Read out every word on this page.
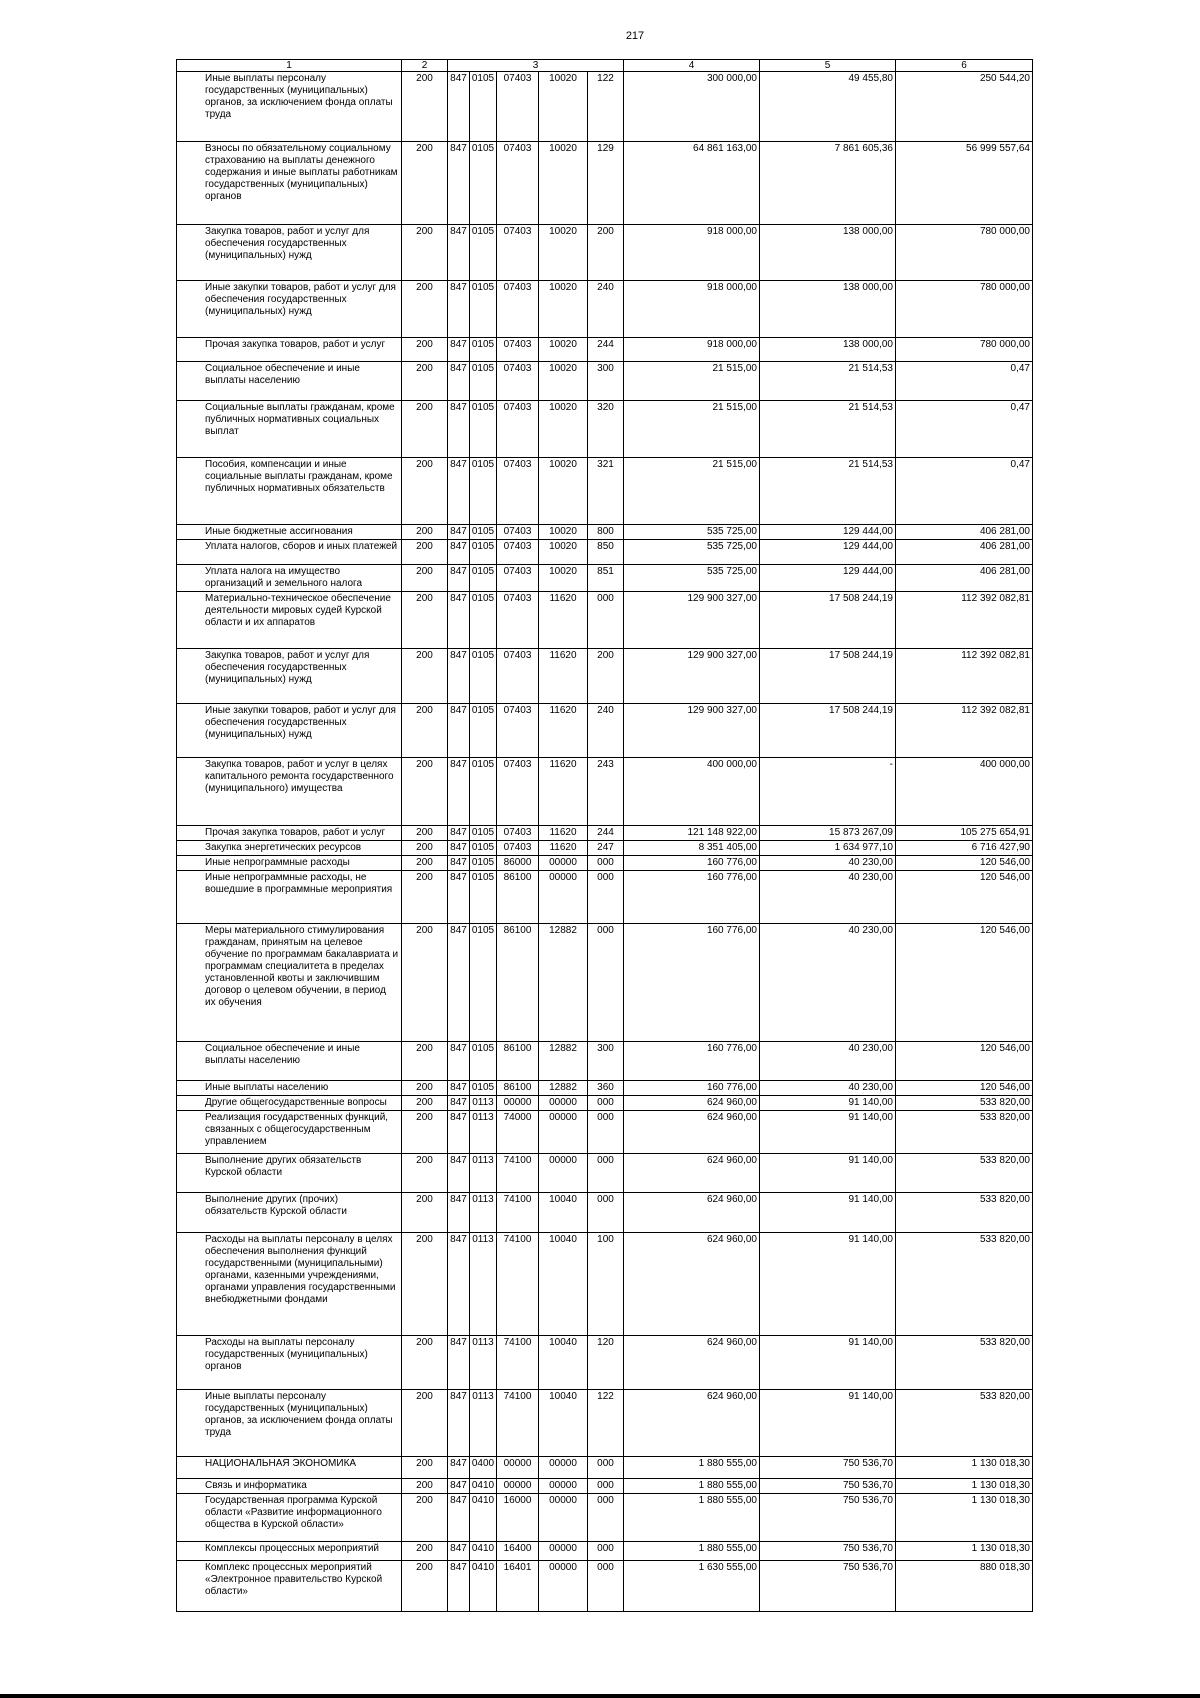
217
1	2	3					4	5	6
Иные выплаты персоналу государственных (муниципальных) органов, за исключением фонда оплаты труда	200	847	0105	07403	10020	122	300 000,00	49 455,80	250 544,20
Взносы по обязательному социальному страхованию на выплаты денежного содержания и иные выплаты работникам государственных (муниципальных) органов	200	847	0105	07403	10020	129	64 861 163,00	7 861 605,36	56 999 557,64
Закупка товаров, работ и услуг для обеспечения государственных (муниципальных) нужд	200	847	0105	07403	10020	200	918 000,00	138 000,00	780 000,00
Иные закупки товаров, работ и услуг для обеспечения государственных (муниципальных) нужд	200	847	0105	07403	10020	240	918 000,00	138 000,00	780 000,00
Прочая закупка товаров, работ и услуг	200	847	0105	07403	10020	244	918 000,00	138 000,00	780 000,00
Социальное обеспечение и иные выплаты населению	200	847	0105	07403	10020	300	21 515,00	21 514,53	0,47
Социальные выплаты гражданам, кроме публичных нормативных социальных выплат	200	847	0105	07403	10020	320	21 515,00	21 514,53	0,47
Пособия, компенсации и иные социальные выплаты гражданам, кроме публичных нормативных обязательств	200	847	0105	07403	10020	321	21 515,00	21 514,53	0,47
Иные бюджетные ассигнования	200	847	0105	07403	10020	800	535 725,00	129 444,00	406 281,00
Уплата налогов, сборов и иных платежей	200	847	0105	07403	10020	850	535 725,00	129 444,00	406 281,00
Уплата налога на имущество организаций и земельного налога	200	847	0105	07403	10020	851	535 725,00	129 444,00	406 281,00
Материально-техническое обеспечение деятельности мировых судей Курской области и их аппаратов	200	847	0105	07403	11620	000	129 900 327,00	17 508 244,19	112 392 082,81
Закупка товаров, работ и услуг для обеспечения государственных (муниципальных) нужд	200	847	0105	07403	11620	200	129 900 327,00	17 508 244,19	112 392 082,81
Иные закупки товаров, работ и услуг для обеспечения государственных (муниципальных) нужд	200	847	0105	07403	11620	240	129 900 327,00	17 508 244,19	112 392 082,81
Закупка товаров, работ и услуг в целях капитального ремонта государственного (муниципального) имущества	200	847	0105	07403	11620	243	400 000,00	-	400 000,00
Прочая закупка товаров, работ и услуг	200	847	0105	07403	11620	244	121 148 922,00	15 873 267,09	105 275 654,91
Закупка энергетических ресурсов	200	847	0105	07403	11620	247	8 351 405,00	1 634 977,10	6 716 427,90
Иные непрограммные расходы	200	847	0105	86000	00000	000	160 776,00	40 230,00	120 546,00
Иные непрограммные расходы, не вошедшие в программные мероприятия	200	847	0105	86100	00000	000	160 776,00	40 230,00	120 546,00
Меры материального стимулирования гражданам, принятым на целевое обучение по программам бакалавриата и программам специалитета в пределах установленной квоты и заключившим договор о целевом обучении, в период их обучения	200	847	0105	86100	12882	000	160 776,00	40 230,00	120 546,00
Социальное обеспечение и иные выплаты населению	200	847	0105	86100	12882	300	160 776,00	40 230,00	120 546,00
Иные выплаты населению	200	847	0105	86100	12882	360	160 776,00	40 230,00	120 546,00
Другие общегосударственные вопросы	200	847	0113	00000	00000	000	624 960,00	91 140,00	533 820,00
Реализация государственных функций, связанных с общегосударственным управлением	200	847	0113	74000	00000	000	624 960,00	91 140,00	533 820,00
Выполнение других обязательств Курской области	200	847	0113	74100	00000	000	624 960,00	91 140,00	533 820,00
Выполнение других (прочих) обязательств Курской области	200	847	0113	74100	10040	000	624 960,00	91 140,00	533 820,00
Расходы на выплаты персоналу в целях обеспечения выполнения функций государственными (муниципальными) органами, казенными учреждениями, органами управления государственными внебюджетными фондами	200	847	0113	74100	10040	100	624 960,00	91 140,00	533 820,00
Расходы на выплаты персоналу государственных (муниципальных) органов	200	847	0113	74100	10040	120	624 960,00	91 140,00	533 820,00
Иные выплаты персоналу государственных (муниципальных) органов, за исключением фонда оплаты труда	200	847	0113	74100	10040	122	624 960,00	91 140,00	533 820,00
НАЦИОНАЛЬНАЯ ЭКОНОМИКА	200	847	0400	00000	00000	000	1 880 555,00	750 536,70	1 130 018,30
Связь и информатика	200	847	0410	00000	00000	000	1 880 555,00	750 536,70	1 130 018,30
Государственная программа Курской области «Развитие информационного общества в Курской области»	200	847	0410	16000	00000	000	1 880 555,00	750 536,70	1 130 018,30
Комплексы процессных мероприятий	200	847	0410	16400	00000	000	1 880 555,00	750 536,70	1 130 018,30
Комплекс процессных мероприятий «Электронное правительство Курской области»	200	847	0410	16401	00000	000	1 630 555,00	750 536,70	880 018,30
